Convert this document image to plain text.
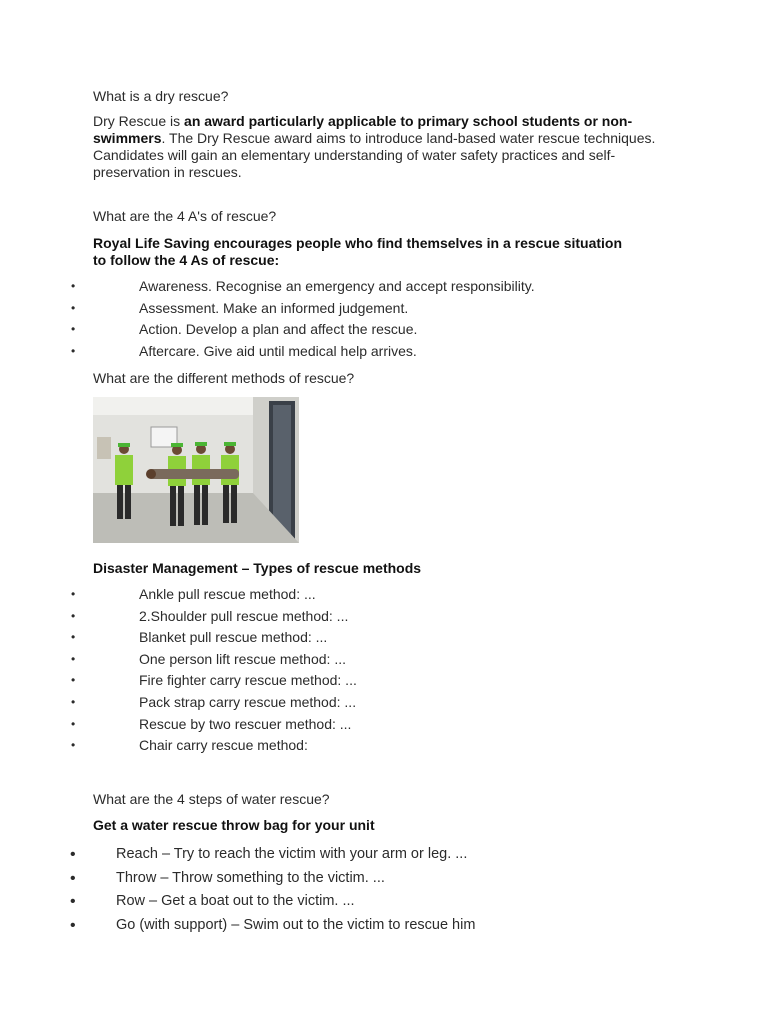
What is a dry rescue?

Dry Rescue is an award particularly applicable to primary school students or non-swimmers. The Dry Rescue award aims to introduce land-based water rescue techniques. Candidates will gain an elementary understanding of water safety practices and self-preservation in rescues.

What are the 4 A's of rescue?

Royal Life Saving encourages people who find themselves in a rescue situation to follow the 4 As of rescue:

•	Awareness. Recognise an emergency and accept responsibility.
•	Assessment. Make an informed judgement.
•	Action. Develop a plan and affect the rescue.
•	Aftercare. Give aid until medical help arrives.

What are the different methods of rescue?

Disaster Management – Types of rescue methods

•	Ankle pull rescue method: ...
•	2.Shoulder pull rescue method: ...
•	Blanket pull rescue method: ...
•	One person lift rescue method: ...
•	Fire fighter carry rescue method: ...
•	Pack strap carry rescue method: ...
•	Rescue by two rescuer method: ...
•	Chair carry rescue method:

What are the 4 steps of water rescue?

Get a water rescue throw bag for your unit

•	Reach – Try to reach the victim with your arm or leg. ...
•	Throw – Throw something to the victim. ...
•	Row – Get a boat out to the victim. ...
•	Go (with support) – Swim out to the victim to rescue him
